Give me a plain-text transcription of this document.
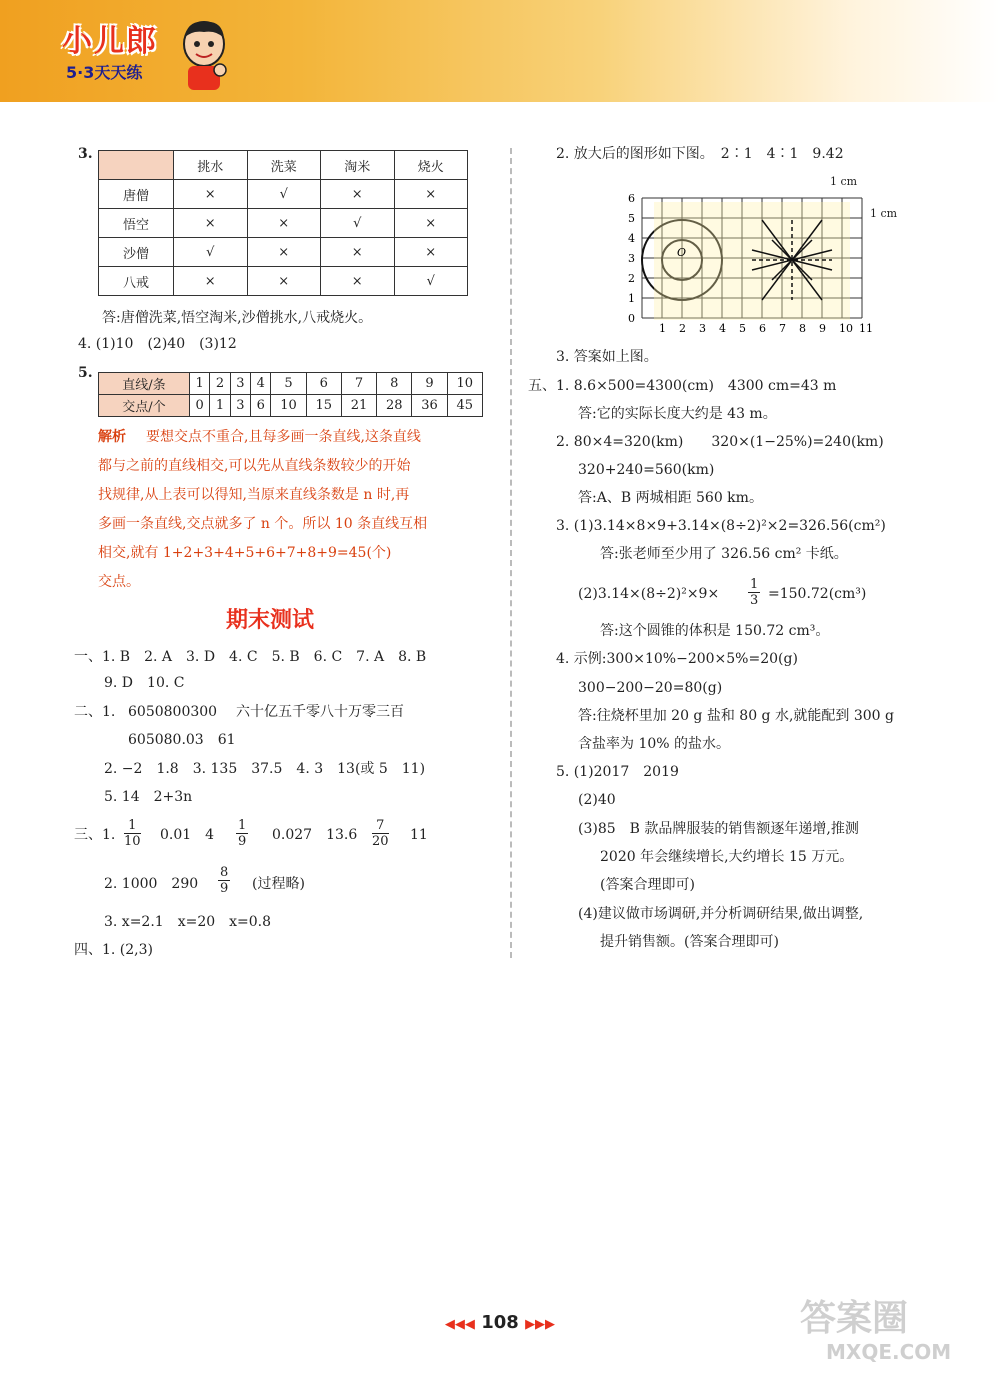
小儿郎
5·3天天练
3.
	挑水	洗菜	淘米	烧火
唐僧	×	√	×	×
悟空	×	×	√	×
沙僧	√	×	×	×
八戒	×	×	×	√
答:唐僧洗菜,悟空淘米,沙僧挑水,八戒烧火。
4. (1)10　(2)40　(3)12
5.
直线/条	1	2	3	4	5	6	7	8	9	10
交点/个	0	1	3	6	10	15	21	28	36	45
解析 要想交点不重合,且每多画一条直线,这条直线
都与之前的直线相交,可以先从直线条数较少的开始
找规律,从上表可以得知,当原来直线条数是 n 时,再
多画一条直线,交点就多了 n 个。所以 10 条直线互相
相交,就有 1+2+3+4+5+6+7+8+9=45(个)
交点。
期末测试
一、1. B　2. A　3. D　4. C　5. B　6. C　7. A　8. B
9. D　10. C
二、1. 6050800300 六十亿五千零八十万零三百
605080.03　61
2. −2　1.8　3. 135　37.5　4. 3　13(或 5　11)
5. 14　2+3n
三、1. $\frac{1}{10} 0.01$　$4 \frac{1}{9} 0.027$　$13.6 \frac{7}{20} 11$
2. 1000　$290 \frac{8}{9}$ (过程略)
3. x=2.1　x=20　x=0.8
四、1. (2,3)
2. 放大后的图形如下图。　2∶1　4∶1　9.42
O
1 2 3 4 5 6 7 8 9 10 11
0
1
2
3
4
5
6
1 cm
1 cm
3. 答案如上图。
五、1. 8.6×500=4300(cm)　4300 cm=43 m
答:它的实际长度大约是 43 m。
2. 80×4=320(km)　　320×(1−25%)=240(km)
320+240=560(km)
答:A、B 两城相距 560 km。
3. (1)3.14×8×9+3.14×(8÷2)²×2=326.56(cm²)
答:张老师至少用了 326.56 cm² 卡纸。
$(2)3.14\times(8\div 2)^2\times 9\times \frac{1}{3} =150.72(cm^3)$
答:这个圆锥的体积是 150.72 cm³。
4. 示例:300×10%−200×5%=20(g)
300−200−20=80(g)
答:往烧杯里加 20 g 盐和 80 g 水,就能配到 300 g
含盐率为 10% 的盐水。
5. (1)2017　2019
(2)40
(3)85　B 款品牌服装的销售额逐年递增,推测
2020 年会继续增长,大约增长 15 万元。
(答案合理即可)
(4)建议做市场调研,并分析调研结果,做出调整,
提升销售额。(答案合理即可)
◀◀◀ 108 ▶▶▶	答案圈
MXQE.COM
